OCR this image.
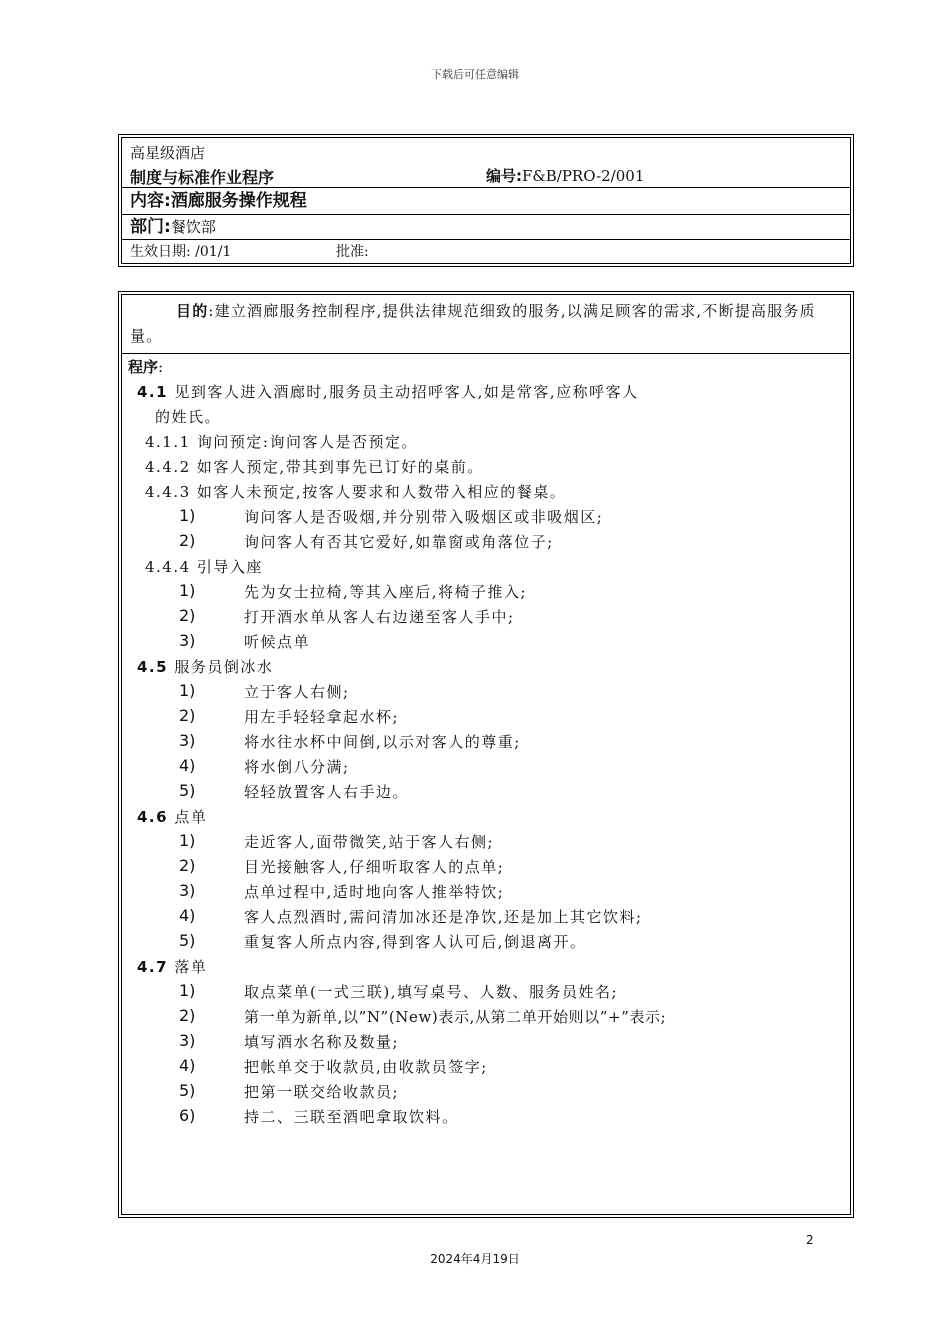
下载后可任意编辑
高星级酒店
制度与标准作业程序	编号:F&B/PRO-2/001
内容:酒廊服务操作规程
部门:餐饮部
生效日期: /01/1	批准:
目的:建立酒廊服务控制程序,提供法律规范细致的服务,以满足顾客的需求,不断提高服务质量。
程序:
4.1 见到客人进入酒廊时,服务员主动招呼客人,如是常客,应称呼客人
的姓氏。
4.1.1 询问预定:询问客人是否预定。
4.4.2 如客人预定,带其到事先已订好的桌前。
4.4.3 如客人未预定,按客人要求和人数带入相应的餐桌。
1)	询问客人是否吸烟,并分别带入吸烟区或非吸烟区;
2)	询问客人有否其它爱好,如靠窗或角落位子;
4.4.4 引导入座
1)	先为女士拉椅,等其入座后,将椅子推入;
2)	打开酒水单从客人右边递至客人手中;
3)	听候点单
4.5 服务员倒冰水
1)	立于客人右侧;
2)	用左手轻轻拿起水杯;
3)	将水往水杯中间倒,以示对客人的尊重;
4)	将水倒八分满;
5)	轻轻放置客人右手边。
4.6 点单
1)	走近客人,面带微笑,站于客人右侧;
2)	目光接触客人,仔细听取客人的点单;
3)	点单过程中,适时地向客人推举特饮;
4)	客人点烈酒时,需问清加冰还是净饮,还是加上其它饮料;
5)	重复客人所点内容,得到客人认可后,倒退离开。
4.7 落单
1)	取点菜单(一式三联),填写桌号、人数、服务员姓名;
2)	第一单为新单,以”N”(New)表示,从第二单开始则以”+”表示;
3)	填写酒水名称及数量;
4)	把帐单交于收款员,由收款员签字;
5)	把第一联交给收款员;
6)	持二、三联至酒吧拿取饮料。
2
2024年4月19日
